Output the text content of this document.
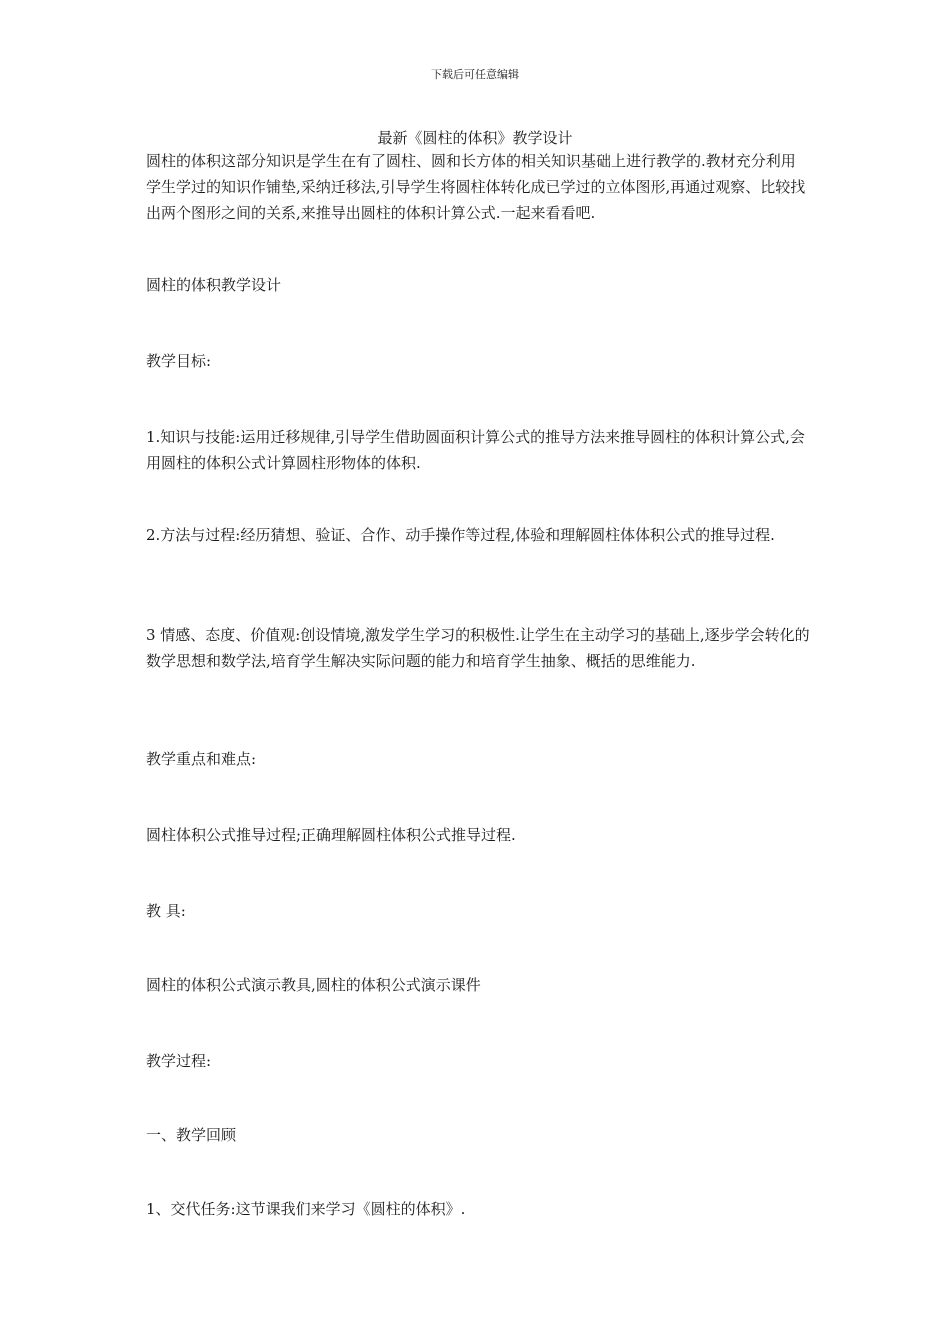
下载后可任意编辑
最新《圆柱的体积》教学设计
圆柱的体积这部分知识是学生在有了圆柱、圆和长方体的相关知识基础上进行教学的.教材充分利用学生学过的知识作铺垫,采纳迁移法,引导学生将圆柱体转化成已学过的立体图形,再通过观察、比较找出两个图形之间的关系,来推导出圆柱的体积计算公式.一起来看看吧.
圆柱的体积教学设计
教学目标:
1.知识与技能:运用迁移规律,引导学生借助圆面积计算公式的推导方法来推导圆柱的体积计算公式,会用圆柱的体积公式计算圆柱形物体的体积.
2.方法与过程:经历猜想、验证、合作、动手操作等过程,体验和理解圆柱体体积公式的推导过程.
3 情感、态度、价值观:创设情境,激发学生学习的积极性.让学生在主动学习的基础上,逐步学会转化的数学思想和数学法,培育学生解决实际问题的能力和培育学生抽象、概括的思维能力.
教学重点和难点:
圆柱体积公式推导过程;正确理解圆柱体积公式推导过程.
教 具:
圆柱的体积公式演示教具,圆柱的体积公式演示课件
教学过程:
一、教学回顾
1、交代任务:这节课我们来学习《圆柱的体积》.
